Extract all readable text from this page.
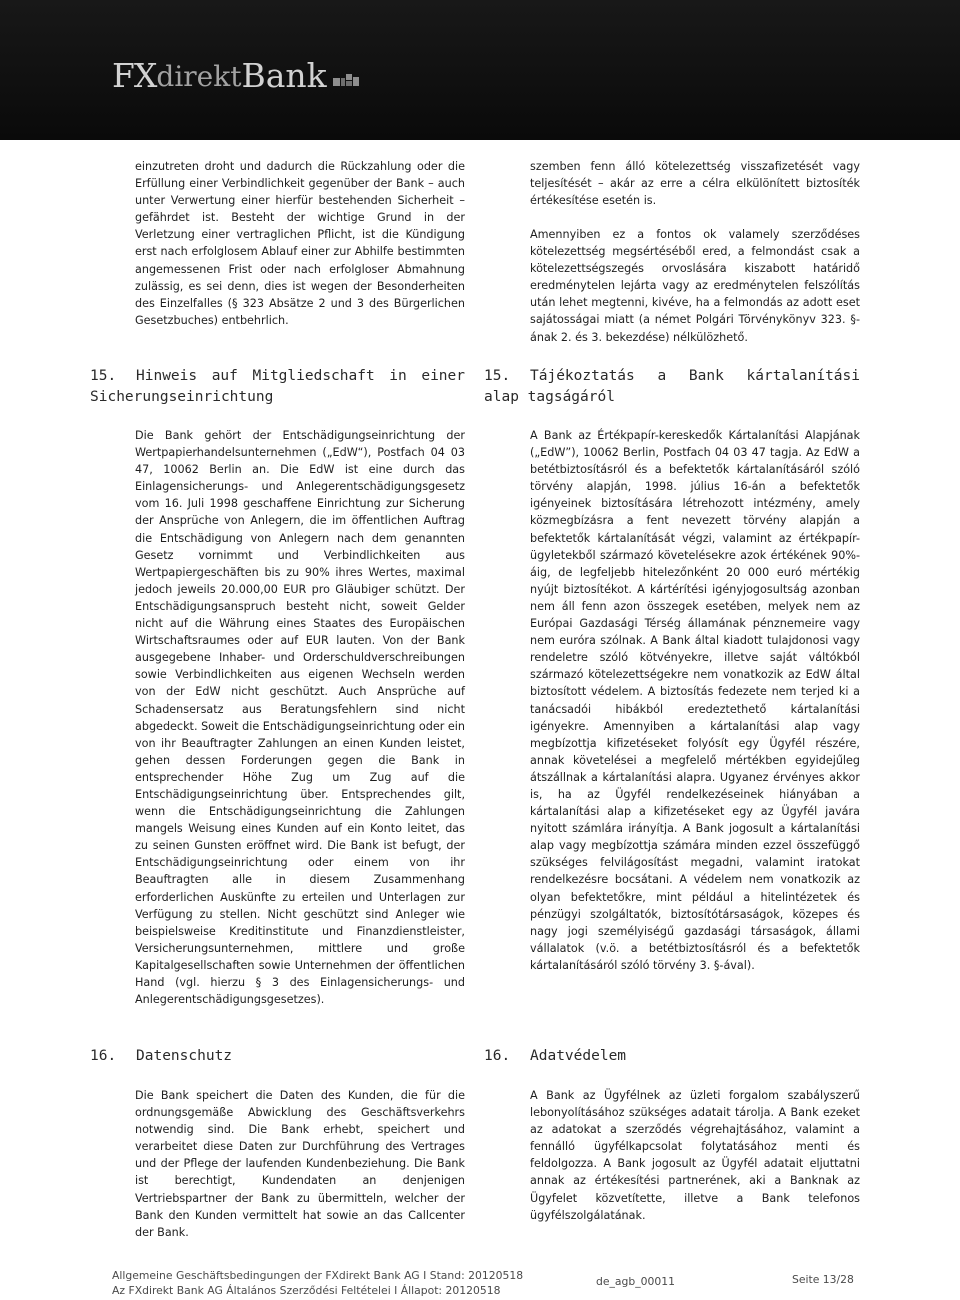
FX direkt Bank

einzutreten droht und dadurch die Rückzahlung oder die Erfüllung einer Verbindlichkeit gegenüber der Bank – auch unter Verwertung einer hierfür bestehenden Sicherheit – gefährdet ist. Besteht der wichtige Grund in der Verletzung einer vertraglichen Pflicht, ist die Kündigung erst nach erfolglosem Ablauf einer zur Abhilfe bestimmten angemessenen Frist oder nach erfolgloser Abmahnung zulässig, es sei denn, dies ist wegen der Besonderheiten des Einzelfalles (§ 323 Absätze 2 und 3 des Bürgerlichen Gesetzbuches) entbehrlich.

15. Hinweis auf Mitgliedschaft in einer Sicherungseinrichtung

Die Bank gehört der Entschädigungseinrichtung der Wertpapierhandelsunternehmen („EdW“), Postfach 04 03 47, 10062 Berlin an. Die EdW ist eine durch das Einlagensicherungs- und Anlegerentschädigungsgesetz vom 16. Juli 1998 geschaffene Einrichtung zur Sicherung der Ansprüche von Anlegern, die im öffentlichen Auftrag die Entschädigung von Anlegern nach dem genannten Gesetz vornimmt und Verbindlichkeiten aus Wertpapiergeschäften bis zu 90% ihres Wertes, maximal jedoch jeweils 20.000,00 EUR pro Gläubiger schützt. Der Entschädigungsanspruch besteht nicht, soweit Gelder nicht auf die Währung eines Staates des Europäischen Wirtschaftsraumes oder auf EUR lauten. Von der Bank ausgegebene Inhaber- und Orderschuldverschreibungen sowie Verbindlichkeiten aus eigenen Wechseln werden von der EdW nicht geschützt. Auch Ansprüche auf Schadensersatz aus Beratungsfehlern sind nicht abgedeckt. Soweit die Entschädigungseinrichtung oder ein von ihr Beauftragter Zahlungen an einen Kunden leistet, gehen dessen Forderungen gegen die Bank in entsprechender Höhe Zug um Zug auf die Entschädigungseinrichtung über. Entsprechendes gilt, wenn die Entschädigungseinrichtung die Zahlungen mangels Weisung eines Kunden auf ein Konto leitet, das zu seinen Gunsten eröffnet wird. Die Bank ist befugt, der Entschädigungseinrichtung oder einem von ihr Beauftragten alle in diesem Zusammenhang erforderlichen Auskünfte zu erteilen und Unterlagen zur Verfügung zu stellen. Nicht geschützt sind Anleger wie beispielsweise Kreditinstitute und Finanzdienstleister, Versicherungsunternehmen, mittlere und große Kapitalgesellschaften sowie Unternehmen der öffentlichen Hand (vgl. hierzu § 3 des Einlagensicherungs- und Anlegerentschädigungsgesetzes).

16. Datenschutz

Die Bank speichert die Daten des Kunden, die für die ordnungsgemäße Abwicklung des Geschäftsverkehrs notwendig sind. Die Bank erhebt, speichert und verarbeitet diese Daten zur Durchführung des Vertrages und der Pflege der laufenden Kundenbeziehung. Die Bank ist berechtigt, Kundendaten an denjenigen Vertriebspartner der Bank zu übermitteln, welcher der Bank den Kunden vermittelt hat sowie an das Callcenter der Bank.

szemben fenn álló kötelezettség visszafizetését vagy teljesítését – akár az erre a célra elkülönített biztosíték értékesítése esetén is.

Amennyiben ez a fontos ok valamely szerződéses kötelezettség megsértéséből ered, a felmondást csak a kötelezettségszegés orvoslására kiszabott határidő eredménytelen lejárta vagy az eredménytelen felszólítás után lehet megtenni, kivéve, ha a felmondás az adott eset sajátosságai miatt (a német Polgári Törvénykönyv 323. §-ának 2. és 3. bekezdése) nélkülözhető.

15. Tájékoztatás a Bank kártalanítási alap tagságáról

A Bank az Értékpapír-kereskedők Kártalanítási Alapjának („EdW”), 10062 Berlin, Postfach 04 03 47 tagja. Az EdW a betétbiztosításról és a befektetők kártalanításáról szóló törvény alapján, 1998. július 16-án a befektetők igényeinek biztosítására létrehozott intézmény, amely közmegbízásra a fent nevezett törvény alapján a befektetők kártalanítását végzi, valamint az értékpapír-ügyletekből származó követelésekre azok értékének 90%-áig, de legfeljebb hitelezőnként 20 000 euró mértékig nyújt biztosítékot. A kártérítési igényjogosultság azonban nem áll fenn azon összegek esetében, melyek nem az Európai Gazdasági Térség államának pénznemeire vagy nem euróra szólnak. A Bank által kiadott tulajdonosi vagy rendeletre szóló kötvényekre, illetve saját váltókból származó kötelezettségekre nem vonatkozik az EdW által biztosított védelem. A biztosítás fedezete nem terjed ki a tanácsadói hibákból eredeztethető kártalanítási igényekre. Amennyiben a kártalanítási alap vagy megbízottja kifizetéseket folyósít egy Ügyfél részére, annak követelései a megfelelő mértékben egyidejűleg átszállnak a kártalanítási alapra. Ugyanez érvényes akkor is, ha az Ügyfél rendelkezéseinek hiányában a kártalanítási alap a kifizetéseket egy az Ügyfél javára nyitott számlára irányítja. A Bank jogosult a kártalanítási alap vagy megbízottja számára minden ezzel összefüggő szükséges felvilágosítást megadni, valamint iratokat rendelkezésre bocsátani. A védelem nem vonatkozik az olyan befektetőkre, mint például a hitelintézetek és pénzügyi szolgáltatók, biztosítótársaságok, közepes és nagy jogi személyiségű gazdasági társaságok, állami vállalatok (v.ö. a betétbiztosításról és a befektetők kártalanításáról szóló törvény 3. §-ával).

16. Adatvédelem

A Bank az Ügyfélnek az üzleti forgalom szabályszerű lebonyolításához szükséges adatait tárolja. A Bank ezeket az adatokat a szerződés végrehajtásához, valamint a fennálló ügyfélkapcsolat folytatásához menti és feldolgozza. A Bank jogosult az Ügyfél adatait eljuttatni annak az értékesítési partnerének, aki a Banknak az Ügyfelet közvetítette, illetve a Bank telefonos ügyfélszolgálatának.

Allgemeine Geschäftsbedingungen der FXdirekt Bank AG I Stand: 20120518
Az FXdirekt Bank AG Általános Szerződési Feltételei I Állapot: 20120518
de_agb_00011	Seite 13/28
